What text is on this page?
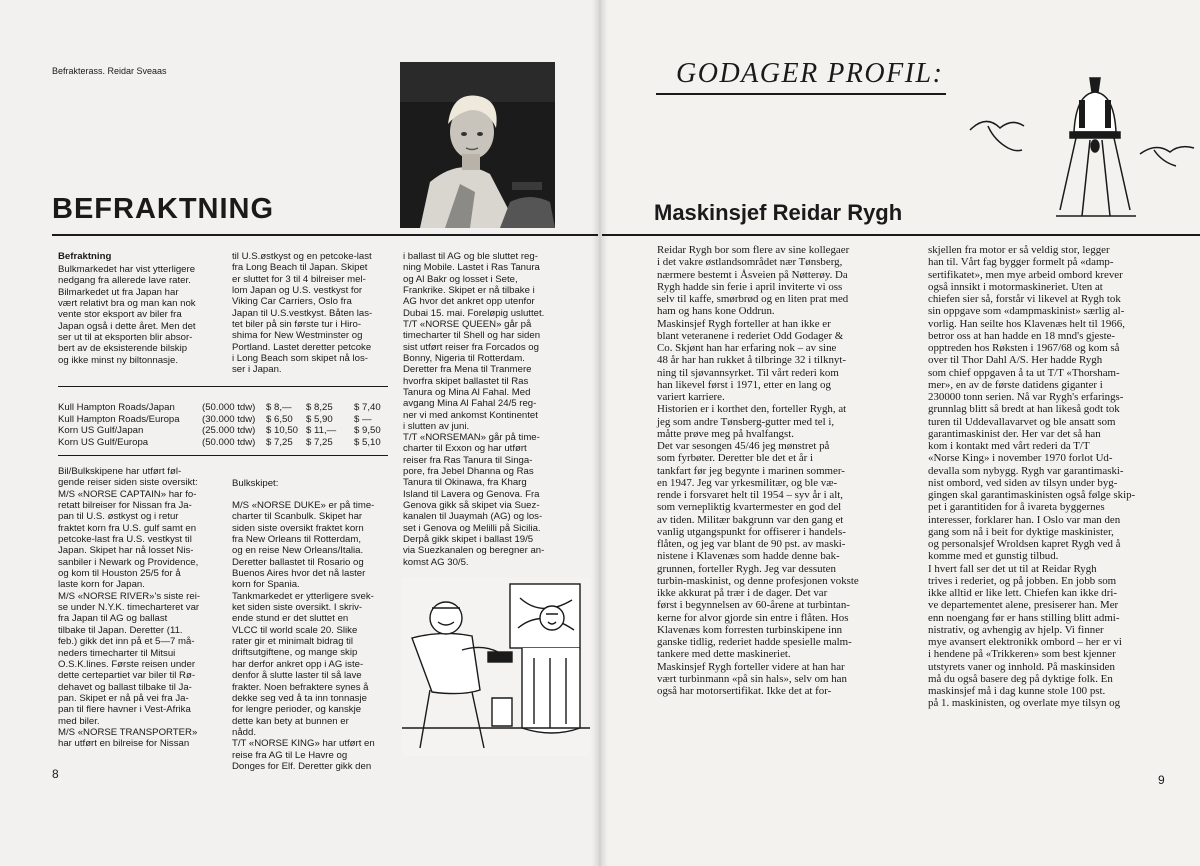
Befrakterass. Reidar Sveaas
BEFRAKTNING
Befraktning
Bulkmarkedet har vist ytterligere
nedgang fra allerede lave rater.
Bilmarkedet ut fra Japan har
vært relativt bra og man kan nok
vente stor eksport av biler fra
Japan også i dette året. Men det
ser ut til at eksporten blir absor-
bert av de eksisterende bilskip
og ikke minst ny biltonnasje.
til U.S.østkyst og en petcoke-last
fra Long Beach til Japan. Skipet
er sluttet for 3 til 4 bilreiser mel-
lom Japan og U.S. vestkyst for
Viking Car Carriers, Oslo fra
Japan til U.S.vestkyst. Båten las-
tet biler på sin første tur i Hiro-
shima for New Westminster og
Portland. Lastet deretter petcoke
i Long Beach som skipet nå los-
ser i Japan.
i ballast til AG og ble sluttet reg-
ning Mobile. Lastet i Ras Tanura
og Al Bakr og losset i Sete,
Frankrike. Skipet er nå tilbake i
AG hvor det ankret opp utenfor
Dubai 15. mai. Foreløpig usluttet.
T/T «NORSE QUEEN» går på
timecharter til Shell og har siden
sist utført reiser fra Forcados og
Bonny, Nigeria til Rotterdam.
Deretter fra Mena til Tranmere
hvorfra skipet ballastet til Ras
Tanura og Mina Al Fahal. Med
avgang Mina Al Fahal 24/5 reg-
ner vi med ankomst Kontinentet
i slutten av juni.
Kull Hampton Roads/Japan	(50.000 tdw) $ 8,— $ 8,25 $ 7,40
Kull Hampton Roads/Europa (30.000 tdw) $ 6,50 $ 5,90 $ —
Korn US Gulf/Japan	(25.000 tdw) $ 10,50 $ 11,— $ 9,50
Korn US Gulf/Europa	(50.000 tdw) $ 7,25 $ 7,25 $ 5,10
Bil/Bulkskipene har utført føl-
gende reiser siden siste oversikt:
M/S «NORSE CAPTAIN» har fo-
retatt bilreiser for Nissan fra Ja-
pan til U.S. østkyst og i retur
fraktet korn fra U.S. gulf samt en
petcoke-last fra U.S. vestkyst til
Japan. Skipet har nå losset Nis-
sanbiler i Newark og Providence,
og kom til Houston 25/5 for å
laste korn for Japan.
M/S «NORSE RIVER»'s siste rei-
se under N.Y.K. timecharteret var
fra Japan til AG og ballast
tilbake til Japan. Deretter (11.
feb.) gikk det inn på et 5—7 må-
neders timecharter til Mitsui
O.S.K.lines. Første reisen under
dette certepartiet var biler til Rø-
dehavet og ballast tilbake til Ja-
pan. Skipet er nå på vei fra Ja-
pan til flere havner i Vest-Afrika
med biler.
M/S «NORSE TRANSPORTER»
har utført en bilreise for Nissan
Bulkskipet:
M/S «NORSE DUKE» er på time-
charter til Scanbulk. Skipet har
siden siste oversikt fraktet korn
fra New Orleans til Rotterdam,
og en reise New Orleans/Italia.
Deretter ballastet til Rosario og
Buenos Aires hvor det nå laster
korn for Spania.
Tankmarkedet er ytterligere svek-
ket siden siste oversikt. I skriv-
ende stund er det sluttet en
VLCC til world scale 20. Slike
rater gir et minimalt bidrag til
driftsutgiftene, og mange skip
har derfor ankret opp i AG iste-
denfor å slutte laster til så lave
frakter. Noen befraktere synes å
dekke seg ved å ta inn tonnasje
for lengre perioder, og kanskje
dette kan bety at bunnen er
nådd.
T/T «NORSE KING» har utført en
reise fra AG til Le Havre og
Donges for Elf. Deretter gikk den
T/T «NORSEMAN» går på time-
charter til Exxon og har utført
reiser fra Ras Tanura til Singa-
pore, fra Jebel Dhanna og Ras
Tanura til Okinawa, fra Kharg
Island til Lavera og Genova. Fra
Genova gikk så skipet via Suez-
kanalen til Juaymah (AG) og los-
set i Genova og Melilli på Sicilia.
Derpå gikk skipet i ballast 19/5
via Suezkanalen og beregner an-
komst AG 30/5.
8
GODAGER PROFIL:
Maskinsjef Reidar Rygh
Reidar Rygh bor som flere av sine kollegaer
i det vakre østlandsområdet nær Tønsberg,
nærmere bestemt i Åsveien på Nøtterøy. Da
Rygh hadde sin ferie i april inviterte vi oss
selv til kaffe, smørbrød og en liten prat med
ham og hans kone Oddrun.
Maskinsjef Rygh forteller at han ikke er
blant veteranene i rederiet Odd Godager &
Co. Skjønt han har erfaring nok – av sine
48 år har han rukket å tilbringe 32 i tilknyt-
ning til sjøvannsyrket. Til vårt rederi kom
han likevel først i 1971, etter en lang og
variert karriere.
Historien er i korthet den, forteller Rygh, at
jeg som andre Tønsberg-gutter med tel i,
måtte prøve meg på hvalfangst.
Det var sesongen 45/46 jeg mønstret på
som fyrbøter. Deretter ble det et år i
tankfart før jeg begynte i marinen sommer-
en 1947. Jeg var yrkesmilitær, og ble væ-
rende i forsvaret helt til 1954 – syv år i alt,
som vernepliktig kvartermester en god del
av tiden. Militær bakgrunn var den gang et
vanlig utgangspunkt for offiserer i handels-
flåten, og jeg var blant de 90 pst. av maski-
nistene i Klavenæs som hadde denne bak-
grunnen, forteller Rygh. Jeg var dessuten
turbin-maskinist, og denne profesjonen vokste
ikke akkurat på trær i de dager. Det var
først i begynnelsen av 60-årene at turbintan-
kerne for alvor gjorde sin entre i flåten. Hos
Klavenæs kom forresten turbinskipene inn
ganske tidlig, rederiet hadde spesielle malm-
tankere med dette maskineriet.
Maskinsjef Rygh forteller videre at han har
vært turbinmann «på sin hals», selv om han
også har motorsertifikat. Ikke det at for-
skjellen fra motor er så veldig stor, legger
han til. Vårt fag bygger formelt på «damp-
sertifikatet», men mye arbeid ombord krever
også innsikt i motormaskineriet. Uten at
chiefen sier så, forstår vi likevel at Rygh tok
sin oppgave som «dampmaskinist» særlig al-
vorlig. Han seilte hos Klavenæs helt til 1966,
betror oss at han hadde en 18 mnd's gjeste-
opptreden hos Røksten i 1967/68 og kom så
over til Thor Dahl A/S. Her hadde Rygh
som chief oppgaven å ta ut T/T «Thorsham-
mer», en av de første datidens giganter i
230000 tonn serien. Nå var Rygh's erfarings-
grunnlag blitt så bredt at han likeså godt tok
turen til Uddevallavarvet og ble ansatt som
garantimaskinist der. Her var det så han
kom i kontakt med vårt rederi da T/T
«Norse King» i november 1970 forlot Ud-
devalla som nybygg. Rygh var garantimaski-
nist ombord, ved siden av tilsyn under byg-
gingen skal garantimaskinisten også følge skip-
pet i garantitiden for å ivareta byggernes
interesser, forklarer han. I Oslo var man den
gang som nå i beit for dyktige maskinister,
og personalsjef Wroldsen kapret Rygh ved å
komme med et gunstig tilbud.
I hvert fall ser det ut til at Reidar Rygh
trives i rederiet, og på jobben. En jobb som
ikke alltid er like lett. Chiefen kan ikke dri-
ve departementet alene, presiserer han. Mer
enn noengang før er hans stilling blitt admi-
nistrativ, og avhengig av hjelp. Vi finner
mye avansert elektronikk ombord – her er vi
i hendene på «Trikkeren» som best kjenner
utstyrets vaner og innhold. På maskinsiden
må du også basere deg på dyktige folk. En
maskinsjef må i dag kunne stole 100 pst.
på 1. maskinisten, og overlate mye tilsyn og
9
